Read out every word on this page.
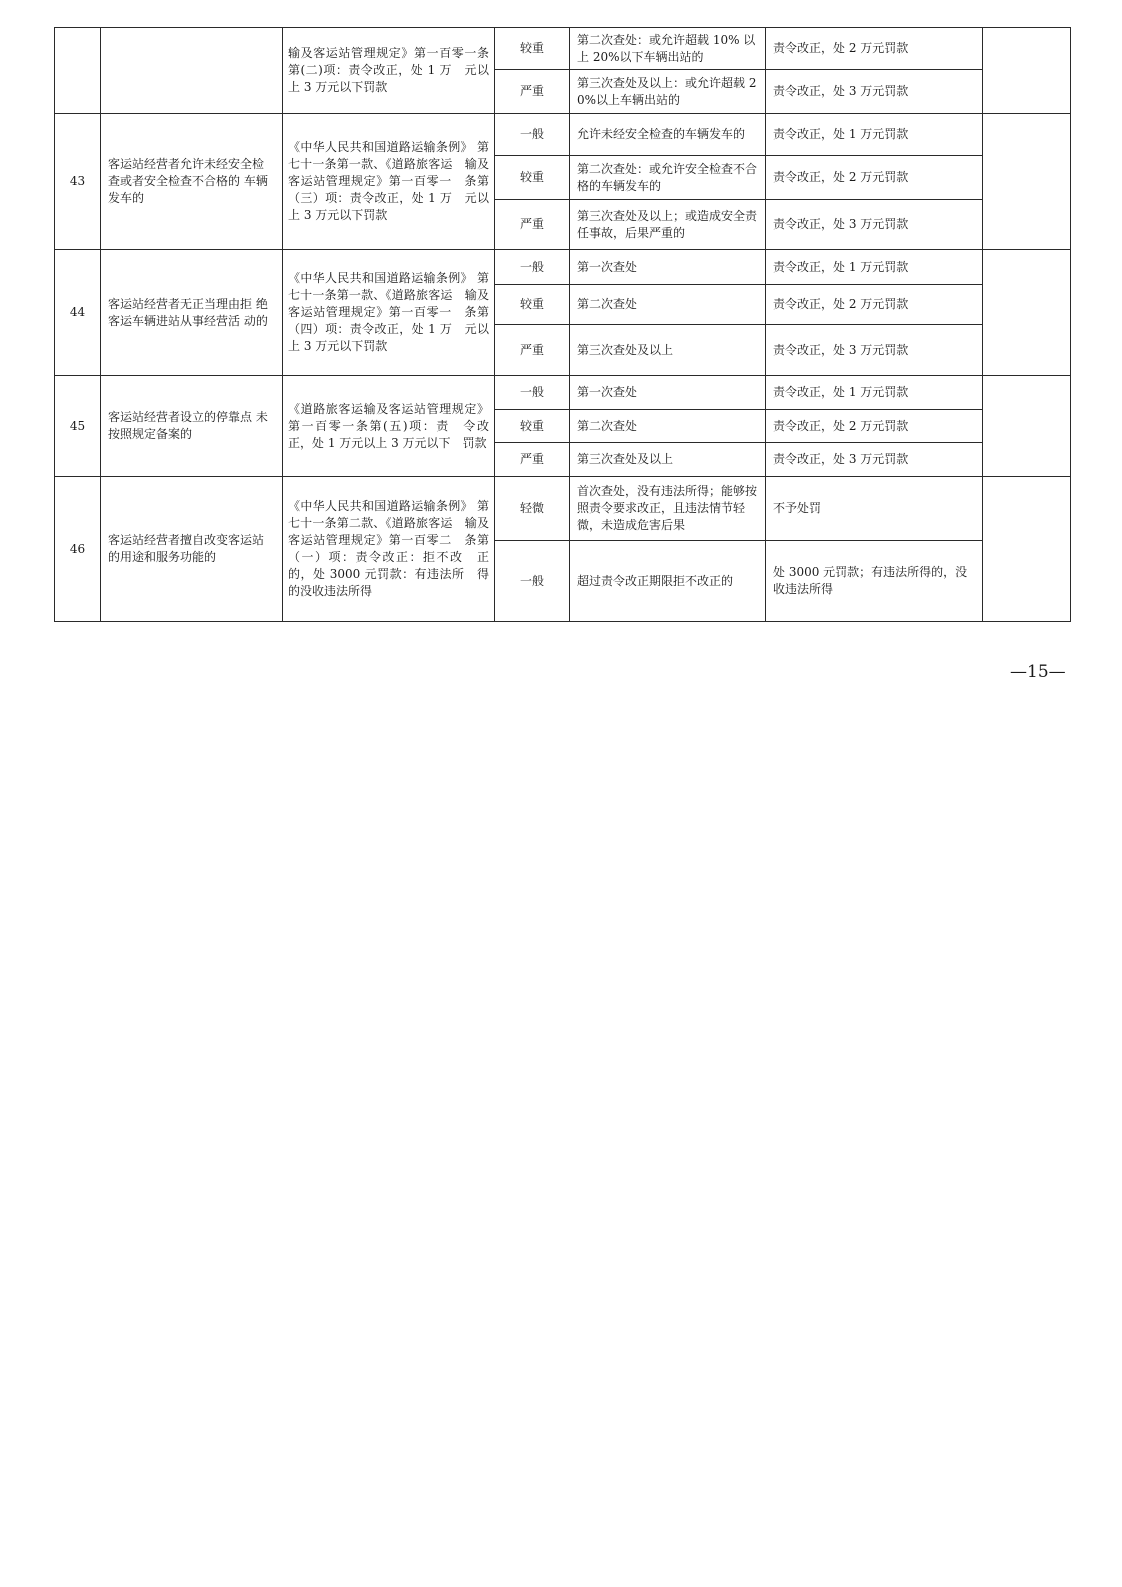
		输及客运站管理规定》第一百零一条第(二)项：责令改正，处 1 万　元以上 3 万元以下罚款	较重	第二次查处：或允许超载 10% 以上 20%以下车辆出站的	责令改正，处 2 万元罚款	
			严重	第三次查处及以上：或允许超载 20%以上车辆出站的	责令改正，处 3 万元罚款	
43	客运站经营者允许未经安全检查或者安全检查不合格的 车辆发车的	《中华人民共和国道路运输条例》 第七十一条第一款、《道路旅客运　输及客运站管理规定》第一百零一　条第（三）项：责令改正，处 1 万　元以上 3 万元以下罚款	一般	允许未经安全检查的车辆发车的	责令改正，处 1 万元罚款	
			较重	第二次查处：或允许安全检查不合格的车辆发车的	责令改正，处 2 万元罚款	
			严重	第三次查处及以上；或造成安全责任事故，后果严重的	责令改正，处 3 万元罚款	
44	客运站经营者无正当理由拒 绝客运车辆进站从事经营活 动的	《中华人民共和国道路运输条例》 第七十一条第一款、《道路旅客运　输及客运站管理规定》第一百零一　条第（四）项：责令改正，处 1 万　元以上 3 万元以下罚款	一般	第一次查处	责令改正，处 1 万元罚款	
			较重	第二次查处	责令改正，处 2 万元罚款	
			严重	第三次查处及以上	责令改正，处 3 万元罚款	
45	客运站经营者设立的停靠点 未按照规定备案的	《道路旅客运输及客运站管理规定》第一百零一条第(五)项：责　令改正，处 1 万元以上 3 万元以下　罚款	一般	第一次查处	责令改正，处 1 万元罚款	
			较重	第二次查处	责令改正，处 2 万元罚款	
			严重	第三次查处及以上	责令改正，处 3 万元罚款	
46	客运站经营者擅自改变客运站的用途和服务功能的	《中华人民共和国道路运输条例》 第七十一条第二款、《道路旅客运　输及客运站管理规定》第一百零二　条第（一）项：责令改正：拒不改　正的，处 3000 元罚款：有违法所　得的没收违法所得	轻微	首次查处，没有违法所得；能够按照责令要求改正，且违法情节轻微，未造成危害后果	不予处罚	
			一般	超过责令改正期限拒不改正的	处 3000 元罚款；有违法所得的，没收违法所得	
—15—
